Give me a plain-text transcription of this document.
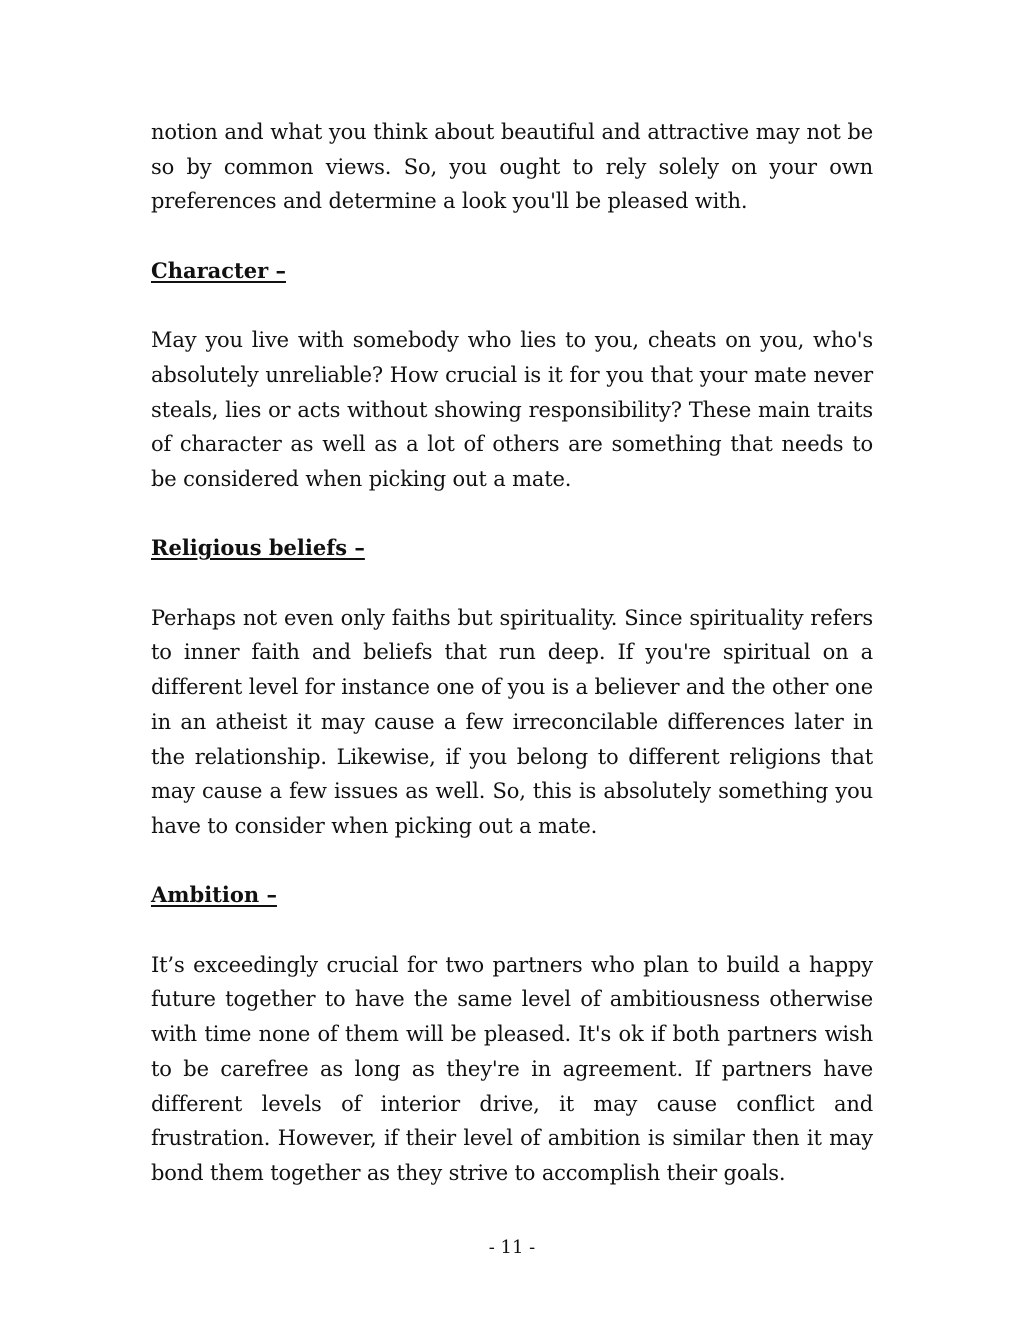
notion and what you think about beautiful and attractive may not be so by common views. So, you ought to rely solely on your own preferences and determine a look you'll be pleased with.

Character –

May you live with somebody who lies to you, cheats on you, who's absolutely unreliable? How crucial is it for you that your mate never steals, lies or acts without showing responsibility? These main traits of character as well as a lot of others are something that needs to be considered when picking out a mate.

Religious beliefs –

Perhaps not even only faiths but spirituality. Since spirituality refers to inner faith and beliefs that run deep. If you're spiritual on a different level for instance one of you is a believer and the other one in an atheist it may cause a few irreconcilable differences later in the relationship. Likewise, if you belong to different religions that may cause a few issues as well. So, this is absolutely something you have to consider when picking out a mate.

Ambition –

It’s exceedingly crucial for two partners who plan to build a happy future together to have the same level of ambitiousness otherwise with time none of them will be pleased. It's ok if both partners wish to be carefree as long as they're in agreement. If partners have different levels of interior drive, it may cause conflict and frustration. However, if their level of ambition is similar then it may bond them together as they strive to accomplish their goals.

- 11 -
